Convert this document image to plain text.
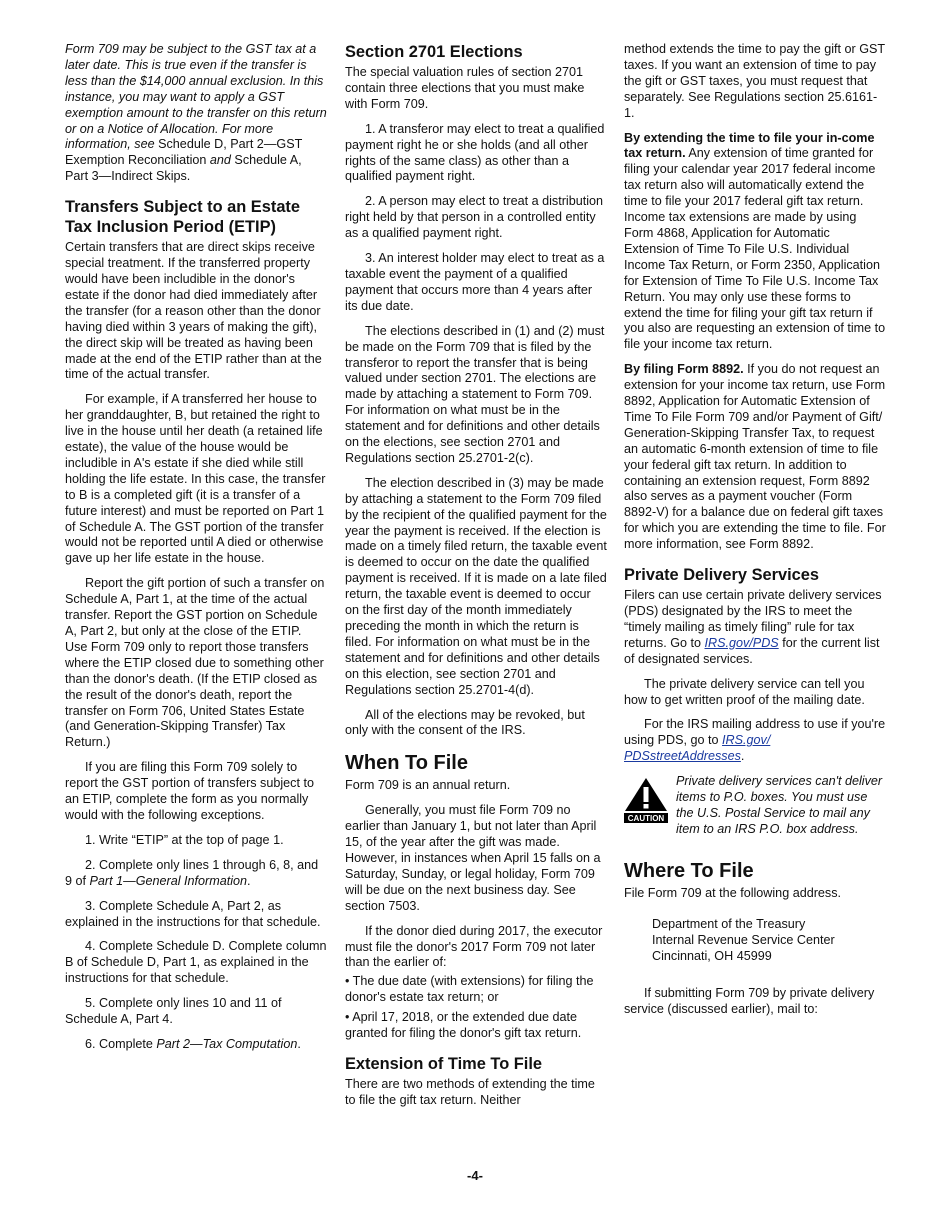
Form 709 may be subject to the GST tax at a later date. This is true even if the transfer is less than the $14,000 annual exclusion. In this instance, you may want to apply a GST exemption amount to the transfer on this return or on a Notice of Allocation. For more information, see Schedule D, Part 2—GST Exemption Reconciliation and Schedule A, Part 3—Indirect Skips.

Transfers Subject to an Estate Tax Inclusion Period (ETIP)

Certain transfers that are direct skips receive special treatment. If the transferred property would have been includible in the donor's estate if the donor had died immediately after the transfer (for a reason other than the donor having died within 3 years of making the gift), the direct skip will be treated as having been made at the end of the ETIP rather than at the time of the actual transfer.

For example, if A transferred her house to her granddaughter, B, but retained the right to live in the house until her death (a retained life estate), the value of the house would be includible in A's estate if she died while still holding the life estate. In this case, the transfer to B is a completed gift (it is a transfer of a future interest) and must be reported on Part 1 of Schedule A. The GST portion of the transfer would not be reported until A died or otherwise gave up her life estate in the house.

Report the gift portion of such a transfer on Schedule A, Part 1, at the time of the actual transfer. Report the GST portion on Schedule A, Part 2, but only at the close of the ETIP. Use Form 709 only to report those transfers where the ETIP closed due to something other than the donor's death. (If the ETIP closed as the result of the donor's death, report the transfer on Form 706, United States Estate (and Generation-Skipping Transfer) Tax Return.)

If you are filing this Form 709 solely to report the GST portion of transfers subject to an ETIP, complete the form as you normally would with the following exceptions.

1. Write “ETIP” at the top of page 1.

2. Complete only lines 1 through 6, 8, and 9 of Part 1—General Information.

3. Complete Schedule A, Part 2, as explained in the instructions for that schedule.

4. Complete Schedule D. Complete column B of Schedule D, Part 1, as explained in the instructions for that schedule.

5. Complete only lines 10 and 11 of Schedule A, Part 4.

6. Complete Part 2—Tax Computation.

Section 2701 Elections

The special valuation rules of section 2701 contain three elections that you must make with Form 709.

1. A transferor may elect to treat a qualified payment right he or she holds (and all other rights of the same class) as other than a qualified payment right.

2. A person may elect to treat a distribution right held by that person in a controlled entity as a qualified payment right.

3. An interest holder may elect to treat as a taxable event the payment of a qualified payment that occurs more than 4 years after its due date.

The elections described in (1) and (2) must be made on the Form 709 that is filed by the transferor to report the transfer that is being valued under section 2701. The elections are made by attaching a statement to Form 709. For information on what must be in the statement and for definitions and other details on the elections, see section 2701 and Regulations section 25.2701-2(c).

The election described in (3) may be made by attaching a statement to the Form 709 filed by the recipient of the qualified payment for the year the payment is received. If the election is made on a timely filed return, the taxable event is deemed to occur on the date the qualified payment is received. If it is made on a late filed return, the taxable event is deemed to occur on the first day of the month immediately preceding the month in which the return is filed. For information on what must be in the statement and for definitions and other details on this election, see section 2701 and Regulations section 25.2701-4(d).

All of the elections may be revoked, but only with the consent of the IRS.

When To File

Form 709 is an annual return.

Generally, you must file Form 709 no earlier than January 1, but not later than April 15, of the year after the gift was made. However, in instances when April 15 falls on a Saturday, Sunday, or legal holiday, Form 709 will be due on the next business day. See section 7503.

If the donor died during 2017, the executor must file the donor's 2017 Form 709 not later than the earlier of:

• The due date (with extensions) for filing the donor's estate tax return; or

• April 17, 2018, or the extended due date granted for filing the donor's gift tax return.

Extension of Time To File

There are two methods of extending the time to file the gift tax return. Neither

method extends the time to pay the gift or GST taxes. If you want an extension of time to pay the gift or GST taxes, you must request that separately. See Regulations section 25.6161-1.

By extending the time to file your in-come tax return. Any extension of time granted for filing your calendar year 2017 federal income tax return also will automatically extend the time to file your 2017 federal gift tax return. Income tax extensions are made by using Form 4868, Application for Automatic Extension of Time To File U.S. Individual Income Tax Return, or Form 2350, Application for Extension of Time To File U.S. Income Tax Return. You may only use these forms to extend the time for filing your gift tax return if you also are requesting an extension of time to file your income tax return.

By filing Form 8892. If you do not request an extension for your income tax return, use Form 8892, Application for Automatic Extension of Time To File Form 709 and/or Payment of Gift/ Generation-Skipping Transfer Tax, to request an automatic 6-month extension of time to file your federal gift tax return. In addition to containing an extension request, Form 8892 also serves as a payment voucher (Form 8892-V) for a balance due on federal gift taxes for which you are extending the time to file. For more information, see Form 8892.

Private Delivery Services

Filers can use certain private delivery services (PDS) designated by the IRS to meet the “timely mailing as timely filing” rule for tax returns. Go to IRS.gov/PDS for the current list of designated services.

The private delivery service can tell you how to get written proof of the mailing date.

For the IRS mailing address to use if you're using PDS, go to IRS.gov/ PDSstreetAddresses.

CAUTION

Private delivery services can't deliver items to P.O. boxes. You must use the U.S. Postal Service to mail any item to an IRS P.O. box address.

Where To File

File Form 709 at the following address.

Department of the Treasury
Internal Revenue Service Center
Cincinnati, OH 45999

If submitting Form 709 by private delivery service (discussed earlier), mail to:

-4-
